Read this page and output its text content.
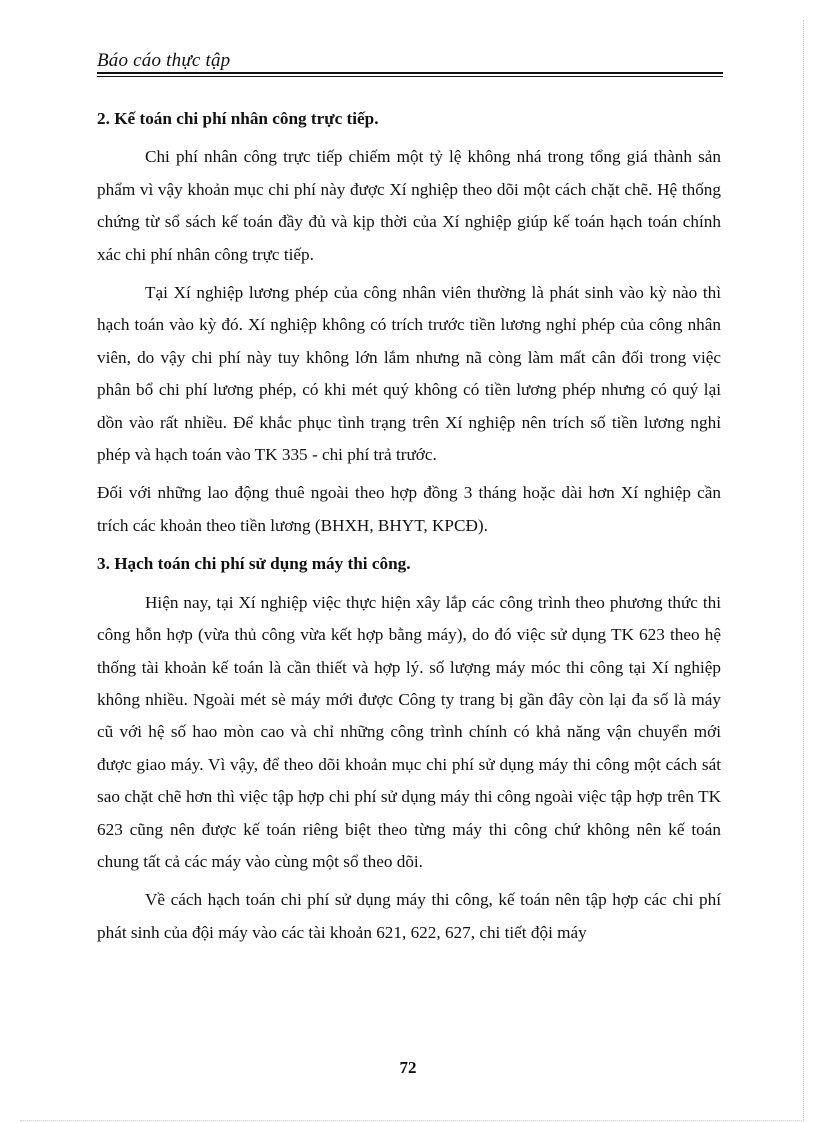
Báo cáo thực tập

2. Kế toán chi phí nhân công trực tiếp.

Chi phí nhân công trực tiếp chiếm một tỷ lệ không nhá trong tổng giá thành sản phẩm vì vậy khoản mục chi phí này được Xí nghiệp theo dõi một cách chặt chẽ. Hệ thống chứng từ sổ sách kế toán đầy đủ và kịp thời của Xí nghiệp giúp kế toán hạch toán chính xác chi phí nhân công trực tiếp.

Tại Xí nghiệp lương phép của công nhân viên thường là phát sinh vào kỳ nào thì hạch toán vào kỳ đó. Xí nghiệp không có trích trước tiền lương nghỉ phép của công nhân viên, do vậy chi phí này tuy không lớn lắm nhưng nã còng làm mất cân đối trong việc phân bổ chi phí lương phép, có khi mét quý không có tiền lương phép nhưng có quý lại dồn vào rất nhiều. Để khắc phục tình trạng trên Xí nghiệp nên trích số tiền lương nghỉ phép và hạch toán vào TK 335 - chi phí trả trước.

Đối với những lao động thuê ngoài theo hợp đồng 3 tháng hoặc dài hơn Xí nghiệp cần trích các khoản theo tiền lương (BHXH, BHYT, KPCĐ).

3. Hạch toán chi phí sử dụng máy thi công.

Hiện nay, tại Xí nghiệp việc thực hiện xây lắp các công trình theo phương thức thi công hỗn hợp (vừa thủ công vừa kết hợp bằng máy), do đó việc sử dụng TK 623 theo hệ thống tài khoản kế toán là cần thiết và hợp lý. số lượng máy móc thi công tại Xí nghiệp không nhiều. Ngoài mét sè máy mới được Công ty trang bị gần đây còn lại đa số là máy cũ với hệ số hao mòn cao và chỉ những công trình chính có khả năng vận chuyển mới được giao máy. Vì vậy, để theo dõi khoản mục chi phí sử dụng máy thi công một cách sát sao chặt chẽ hơn thì việc tập hợp chi phí sử dụng máy thi công ngoài việc tập hợp trên TK 623 cũng nên được kế toán riêng biệt theo từng máy thi công chứ không nên kế toán chung tất cả các máy vào cùng một sổ theo dõi.

Về cách hạch toán chi phí sử dụng máy thi công, kế toán nên tập hợp các chi phí phát sinh của đội máy vào các tài khoản 621, 622, 627, chi tiết đội máy

72
